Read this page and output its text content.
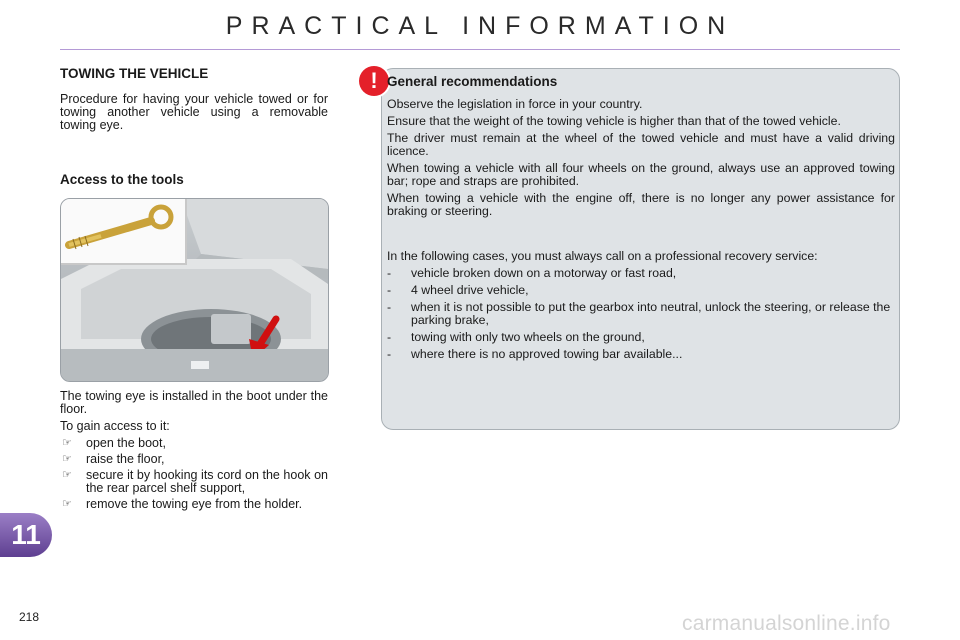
PRACTICAL INFORMATION

TOWING THE VEHICLE

Procedure for having your vehicle towed or for towing another vehicle using a removable towing eye.

Access to the tools

The towing eye is installed in the boot under the floor.

To gain access to it:

☞	open the boot,
☞	raise the floor,
☞	secure it by hooking its cord on the hook on the rear parcel shelf support,
☞	remove the towing eye from the holder.
! General recommendations

Observe the legislation in force in your country.

Ensure that the weight of the towing vehicle is higher than that of the towed vehicle.

The driver must remain at the wheel of the towed vehicle and must have a valid driving licence.

When towing a vehicle with all four wheels on the ground, always use an approved towing bar; rope and straps are prohibited.

When towing a vehicle with the engine off, there is no longer any power assistance for braking or steering.

In the following cases, you must always call on a professional recovery service:

-	vehicle broken down on a motorway or fast road,
-	4 wheel drive vehicle,
-	when it is not possible to put the gearbox into neutral, unlock the steering, or release the parking brake,
-	towing with only two wheels on the ground,
-	where there is no approved towing bar available...
11
218	carmanualsonline.info
